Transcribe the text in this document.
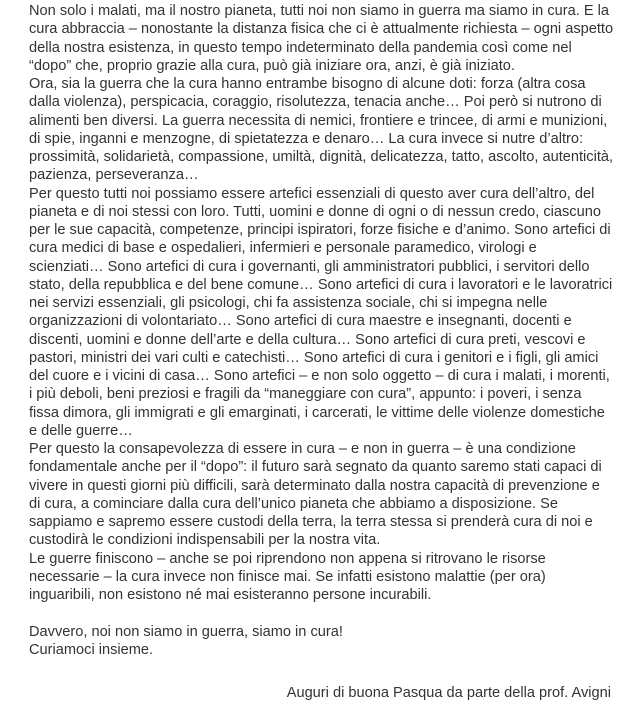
Non solo i malati, ma il nostro pianeta, tutti noi non siamo in guerra ma siamo in cura. E la
cura abbraccia – nonostante la distanza fisica che ci è attualmente richiesta – ogni aspetto
della nostra esistenza, in questo tempo indeterminato della pandemia così come nel
“dopo” che, proprio grazie alla cura, può già iniziare ora, anzi, è già iniziato.
Ora, sia la guerra che la cura hanno entrambe bisogno di alcune doti: forza (altra cosa
dalla violenza), perspicacia, coraggio, risolutezza, tenacia anche… Poi però si nutrono di
alimenti ben diversi. La guerra necessita di nemici, frontiere e trincee, di armi e munizioni,
di spie, inganni e menzogne, di spietatezza e denaro… La cura invece si nutre d’altro:
prossimità, solidarietà, compassione, umiltà, dignità, delicatezza, tatto, ascolto, autenticità,
pazienza, perseveranza…
Per questo tutti noi possiamo essere artefici essenziali di questo aver cura dell’altro, del
pianeta e di noi stessi con loro. Tutti, uomini e donne di ogni o di nessun credo, ciascuno
per le sue capacità, competenze, principi ispiratori, forze fisiche e d’animo. Sono artefici di
cura medici di base e ospedalieri, infermieri e personale paramedico, virologi e
scienziati… Sono artefici di cura i governanti, gli amministratori pubblici, i servitori dello
stato, della repubblica e del bene comune… Sono artefici di cura i lavoratori e le lavoratrici
nei servizi essenziali, gli psicologi, chi fa assistenza sociale, chi si impegna nelle
organizzazioni di volontariato… Sono artefici di cura maestre e insegnanti, docenti e
discenti, uomini e donne dell’arte e della cultura… Sono artefici di cura preti, vescovi e
pastori, ministri dei vari culti e catechisti… Sono artefici di cura i genitori e i figli, gli amici
del cuore e i vicini di casa… Sono artefici – e non solo oggetto – di cura i malati, i morenti,
i più deboli, beni preziosi e fragili da “maneggiare con cura”, appunto: i poveri, i senza
fissa dimora, gli immigrati e gli emarginati, i carcerati, le vittime delle violenze domestiche
e delle guerre…
Per questo la consapevolezza di essere in cura – e non in guerra – è una condizione
fondamentale anche per il “dopo”: il futuro sarà segnato da quanto saremo stati capaci di
vivere in questi giorni più difficili, sarà determinato dalla nostra capacità di prevenzione e
di cura, a cominciare dalla cura dell’unico pianeta che abbiamo a disposizione. Se
sappiamo e sapremo essere custodi della terra, la terra stessa si prenderà cura di noi e
custodirà le condizioni indispensabili per la nostra vita.
Le guerre finiscono – anche se poi riprendono non appena si ritrovano le risorse
necessarie – la cura invece non finisce mai. Se infatti esistono malattie (per ora)
inguaribili, non esistono né mai esisteranno persone incurabili.
Davvero, noi non siamo in guerra, siamo in cura!
Curiamoci insieme.
Auguri di buona Pasqua da parte della prof. Avigni
